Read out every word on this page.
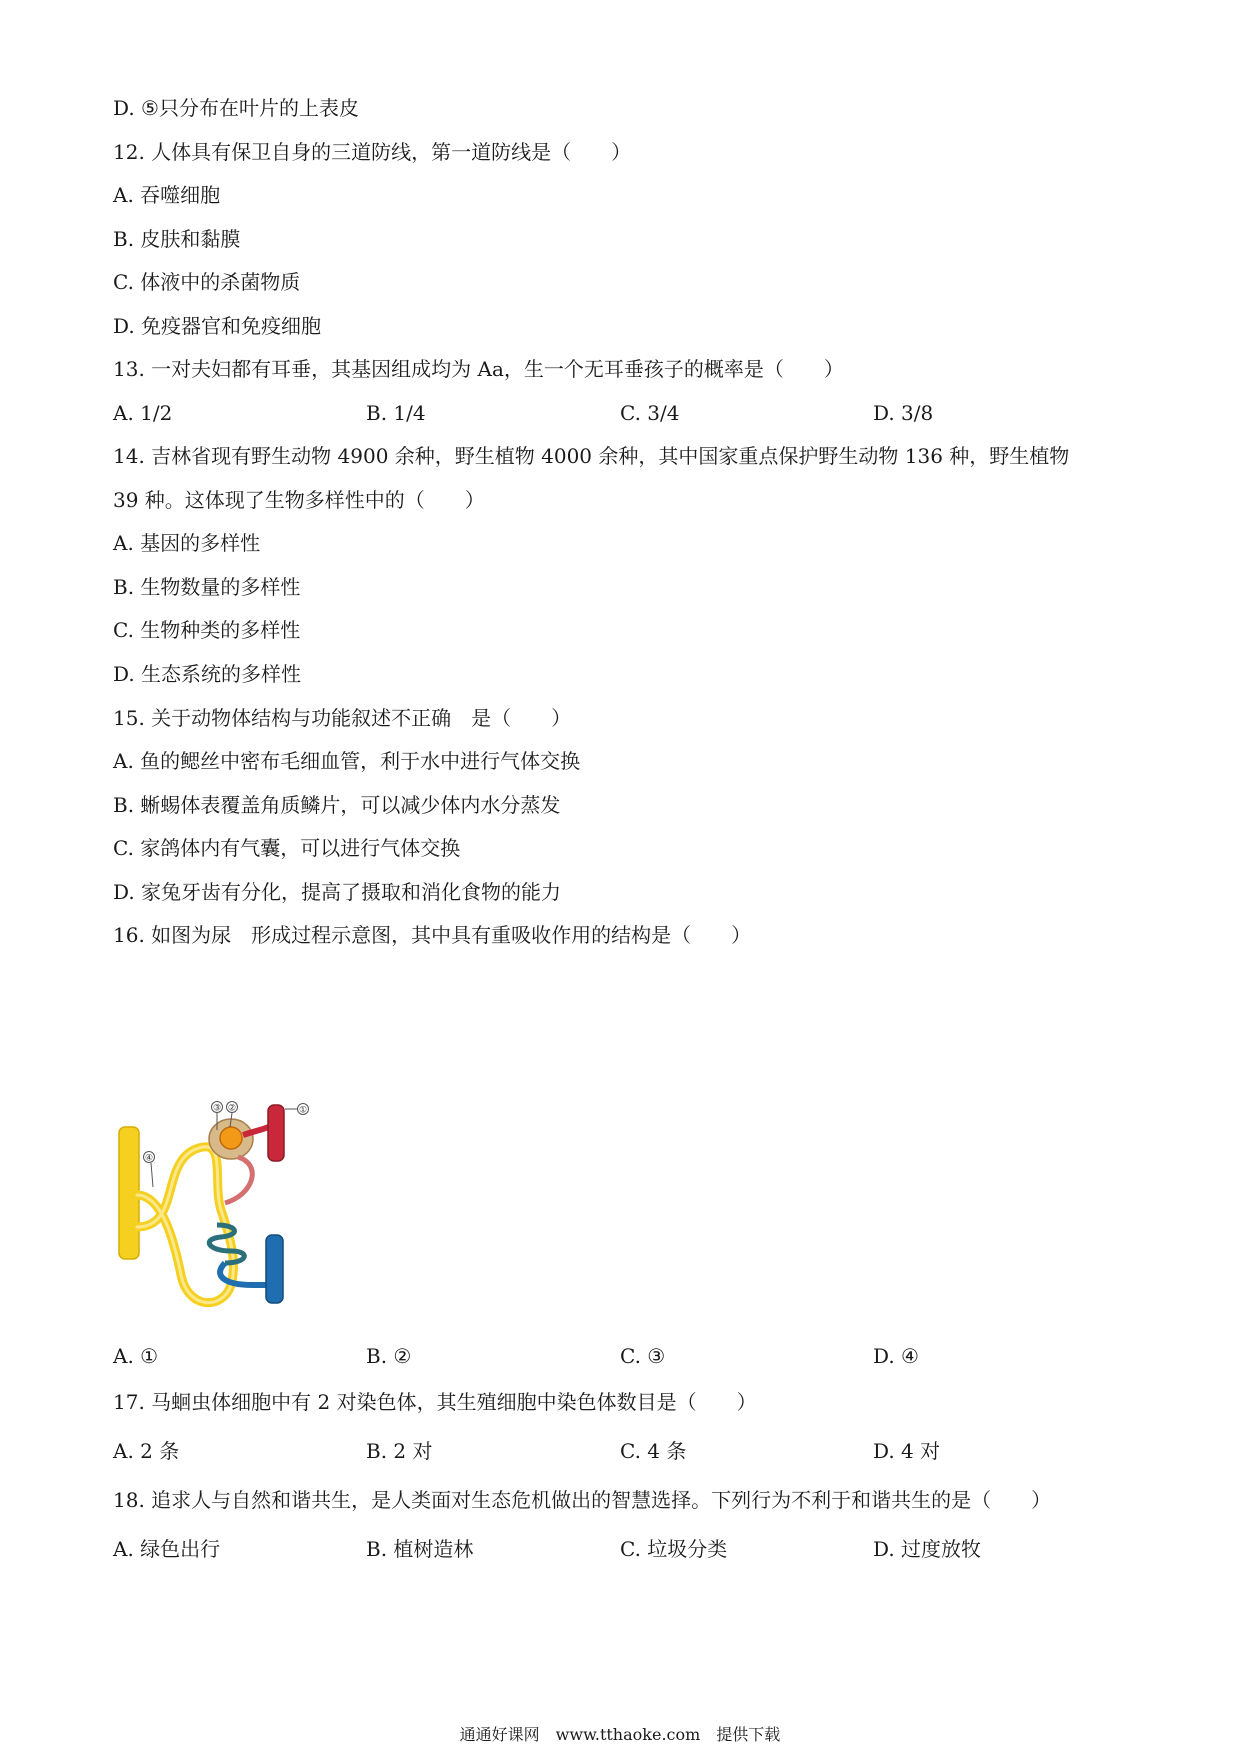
D. ⑤只分布在叶片的上表皮
12. 人体具有保卫自身的三道防线，第一道防线是（　　）
A. 吞噬细胞
B. 皮肤和黏膜
C. 体液中的杀菌物质
D. 免疫器官和免疫细胞
13. 一对夫妇都有耳垂，其基因组成均为 Aa，生一个无耳垂孩子的概率是（　　）
A. 1/2	B. 1/4	C. 3/4	D. 3/8
14. 吉林省现有野生动物 4900 余种，野生植物 4000 余种，其中国家重点保护野生动物 136 种，野生植物
39 种。这体现了生物多样性中的（　　）
A. 基因的多样性
B. 生物数量的多样性
C. 生物种类的多样性
D. 生态系统的多样性
15. 关于动物体结构与功能叙述不正确　是（　　）
A. 鱼的鳃丝中密布毛细血管，利于水中进行气体交换
B. 蜥蜴体表覆盖角质鳞片，可以减少体内水分蒸发
C. 家鸽体内有气囊，可以进行气体交换
D. 家兔牙齿有分化，提高了摄取和消化食物的能力
16. 如图为尿　形成过程示意图，其中具有重吸收作用的结构是（　　）
③ ②	①
④
A. ①	B. ②	C. ③	D. ④
17. 马蛔虫体细胞中有 2 对染色体，其生殖细胞中染色体数目是（　　）
A. 2 条	B. 2 对	C. 4 条	D. 4 对
18. 追求人与自然和谐共生，是人类面对生态危机做出的智慧选择。下列行为不利于和谐共生的是（　　）
A. 绿色出行	B. 植树造林	C. 垃圾分类	D. 过度放牧
通通好课网　www.tthaoke.com　提供下载
